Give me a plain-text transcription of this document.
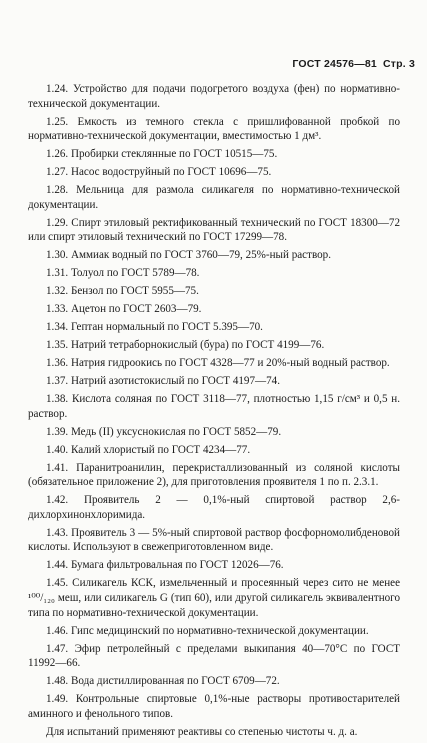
ГОСТ 24576—81 Стр. 3

1.24. Устройство для подачи подогретого воздуха (фен) по нормативно-технической документации.

1.25. Емкость из темного стекла с пришлифованной пробкой по нормативно-технической документации, вместимостью 1 дм³.

1.26. Пробирки стеклянные по ГОСТ 10515—75.

1.27. Насос водоструйный по ГОСТ 10696—75.

1.28. Мельница для размола силикагеля по нормативно-технической документации.

1.29. Спирт этиловый ректификованный технический по ГОСТ 18300—72 или спирт этиловый технический по ГОСТ 17299—78.

1.30. Аммиак водный по ГОСТ 3760—79, 25%-ный раствор.

1.31. Толуол по ГОСТ 5789—78.

1.32. Бензол по ГОСТ 5955—75.

1.33. Ацетон по ГОСТ 2603—79.

1.34. Гептан нормальный по ГОСТ 5.395—70.

1.35. Натрий тетраборнокислый (бура) по ГОСТ 4199—76.

1.36. Натрия гидроокись по ГОСТ 4328—77 и 20%-ный водный раствор.

1.37. Натрий азотистокислый по ГОСТ 4197—74.

1.38. Кислота соляная по ГОСТ 3118—77, плотностью 1,15 г/см³ и 0,5 н. раствор.

1.39. Медь (II) уксуснокислая по ГОСТ 5852—79.

1.40. Калий хлористый по ГОСТ 4234—77.

1.41. Паранитроанилин, перекристаллизованный из соляной кислоты (обязательное приложение 2), для приготовления проявителя 1 по п. 2.3.1.

1.42. Проявитель 2 — 0,1%-ный спиртовой раствор 2,6-дихлорхинонхлоримида.

1.43. Проявитель 3 — 5%-ный спиртовой раствор фосфорномолибденовой кислоты. Используют в свежеприготовленном виде.

1.44. Бумага фильтровальная по ГОСТ 12026—76.

1.45. Силикагель КСК, измельченный и просеянный через сито не менее ¹⁰⁰/₁₂₀ меш, или силикагель G (тип 60), или другой силикагель эквивалентного типа по нормативно-технической документации.

1.46. Гипс медицинский по нормативно-технической документации.

1.47. Эфир петролейный с пределами выкипания 40—70°С по ГОСТ 11992—66.

1.48. Вода дистиллированная по ГОСТ 6709—72.

1.49. Контрольные спиртовые 0,1%-ные растворы противостарителей аминного и фенольного типов.

Для испытаний применяют реактивы со степенью чистоты ч. д. а.
